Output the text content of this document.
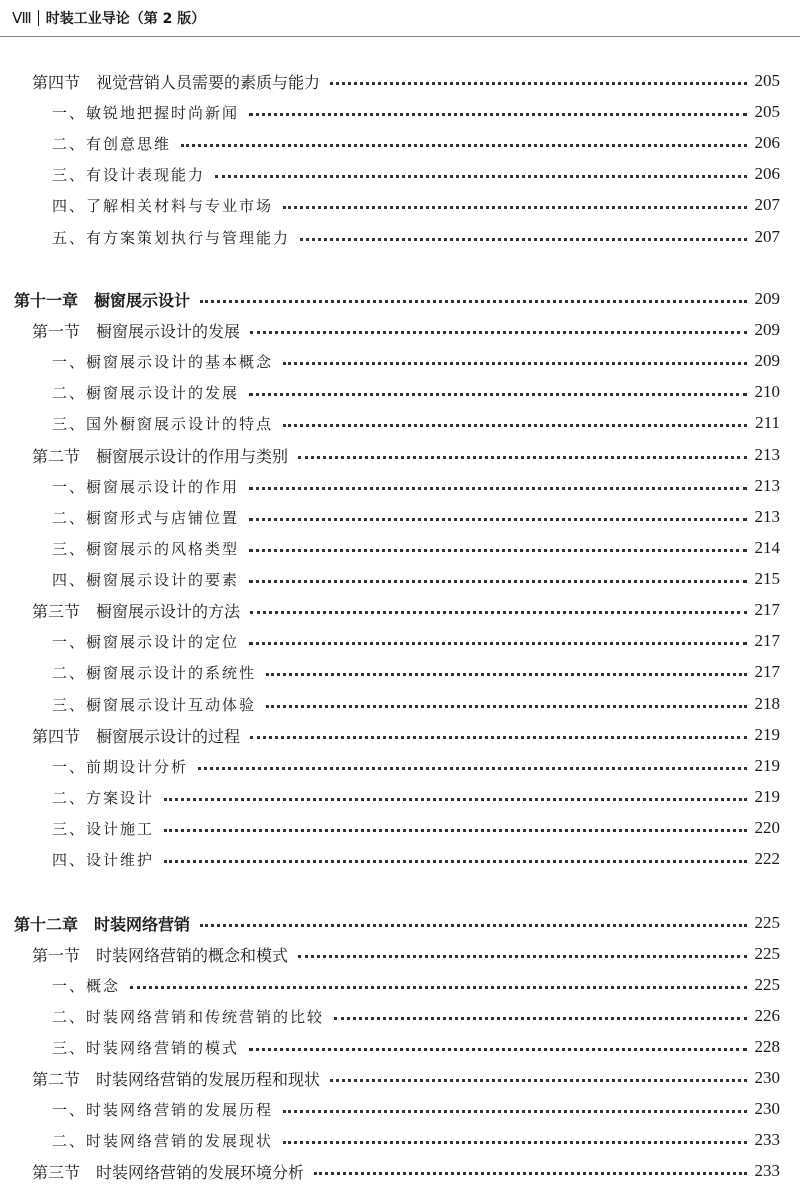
Ⅷ 时装工业导论（第 2 版）
第四节　视觉营销人员需要的素质与能力	205
一、敏锐地把握时尚新闻	205
二、有创意思维	206
三、有设计表现能力	206
四、了解相关材料与专业市场	207
五、有方案策划执行与管理能力	207
第十一章　橱窗展示设计	209
第一节　橱窗展示设计的发展	209
一、橱窗展示设计的基本概念	209
二、橱窗展示设计的发展	210
三、国外橱窗展示设计的特点	211
第二节　橱窗展示设计的作用与类别	213
一、橱窗展示设计的作用	213
二、橱窗形式与店铺位置	213
三、橱窗展示的风格类型	214
四、橱窗展示设计的要素	215
第三节　橱窗展示设计的方法	217
一、橱窗展示设计的定位	217
二、橱窗展示设计的系统性	217
三、橱窗展示设计互动体验	218
第四节　橱窗展示设计的过程	219
一、前期设计分析	219
二、方案设计	219
三、设计施工	220
四、设计维护	222
第十二章　时装网络营销	225
第一节　时装网络营销的概念和模式	225
一、概念	225
二、时装网络营销和传统营销的比较	226
三、时装网络营销的模式	228
第二节　时装网络营销的发展历程和现状	230
一、时装网络营销的发展历程	230
二、时装网络营销的发展现状	233
第三节　时装网络营销的发展环境分析	233
